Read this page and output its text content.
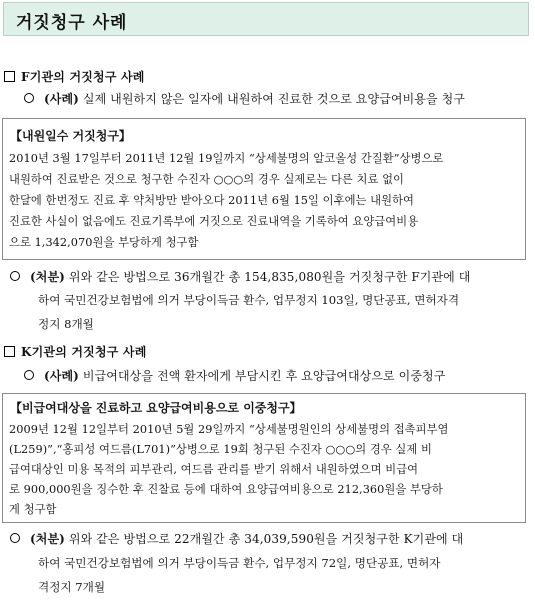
거짓청구 사례
F기관의 거짓청구 사례
(사례) 실제 내원하지 않은 일자에 내원하여 진료한 것으로 요양급여비용을 청구
【내원일수 거짓청구】
2010년 3월 17일부터 2011년 12월 19일까지 “상세불명의 알코올성 간질환”상병으로
내원하여 진료받은 것으로 청구한 수진자 ○○○의 경우 실제로는 다른 치료 없이
한달에 한번정도 진료 후 약처방만 받아오다 2011년 6월 15일 이후에는 내원하여
진료한 사실이 없음에도 진료기록부에 거짓으로 진료내역을 기록하여 요양급여비용
으로 1,342,070원을 부당하게 청구함
(처분) 위와 같은 방법으로 36개월간 총 154,835,080원을 거짓청구한 F기관에 대
하여 국민건강보험법에 의거 부당이득금 환수, 업무정지 103일, 명단공표, 면허자격
정지 8개월
K기관의 거짓청구 사례
(사례) 비급여대상을 전액 환자에게 부담시킨 후 요양급여대상으로 이중청구
【비급여대상을 진료하고 요양급여비용으로 이중청구】
2009년 12월 12일부터 2010년 5월 29일까지 “상세불명원인의 상세불명의 접촉피부염
(L259)”,“홍피성 여드름(L701)”상병으로 19회 청구된 수진자 ○○○의 경우 실제 비
급여대상인 미용 목적의 피부관리, 여드름 관리를 받기 위해서 내원하였으며 비급여
로 900,000원을 징수한 후 진찰료 등에 대하여 요양급여비용으로 212,360원을 부당하
게 청구함
(처분) 위와 같은 방법으로 22개월간 총 34,039,590원을 거짓청구한 K기관에 대
하여 국민건강보험법에 의거 부당이득금 환수, 업무정지 72일, 명단공표, 면허자
격정지 7개월
